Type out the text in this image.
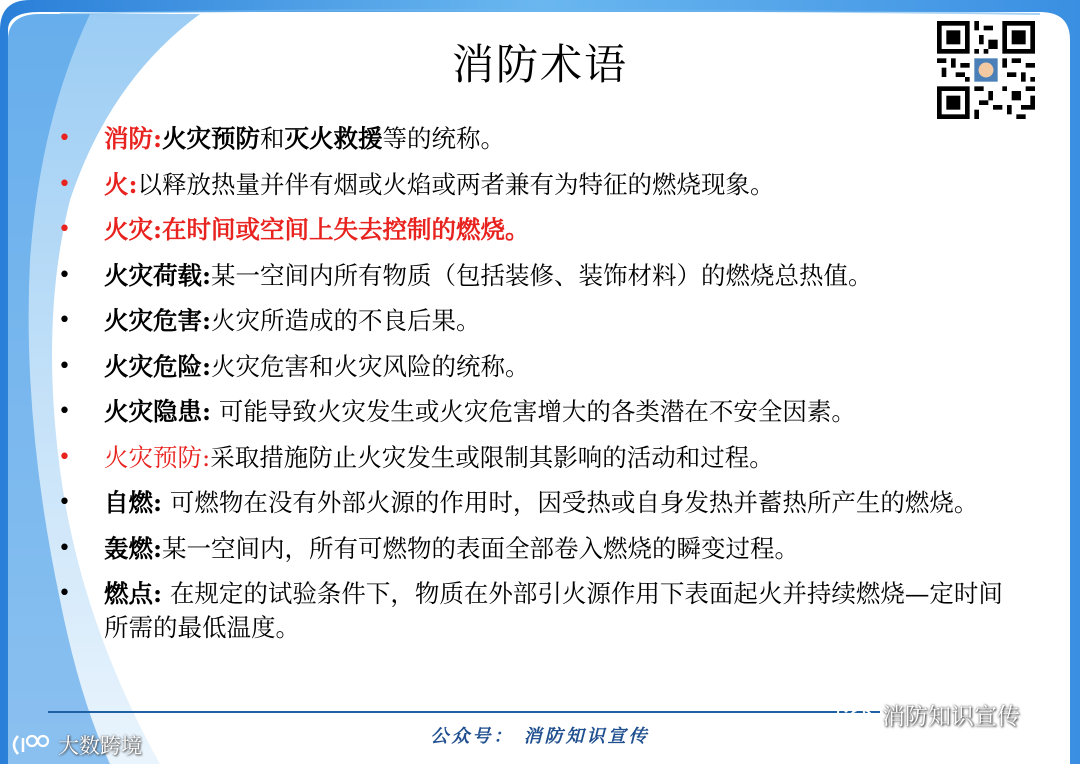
消防术语
•	消防:火灾预防和灭火救援等的统称。
•	火:以释放热量并伴有烟或火焰或两者兼有为特征的燃烧现象。
•	火灾:在时间或空间上失去控制的燃烧。
•	火灾荷载:某一空间内所有物质（包括装修、装饰材料）的燃烧总热值。
•	火灾危害:火灾所造成的不良后果。
•	火灾危险:火灾危害和火灾风险的统称。
•	火灾隐患: 可能导致火灾发生或火灾危害增大的各类潜在不安全因素。
•	火灾预防:采取措施防止火灾发生或限制其影响的活动和过程。
•	自燃: 可燃物在没有外部火源的作用时，因受热或自身发热并蓄热所产生的燃烧。
•	轰燃:某一空间内，所有可燃物的表面全部卷入燃烧的瞬变过程。
•	燃点: 在规定的试验条件下，物质在外部引火源作用下表面起火并持续燃烧—定时间所需的最低温度。
公众号： 消防知识宣传
消防知识宣传
大数跨境
